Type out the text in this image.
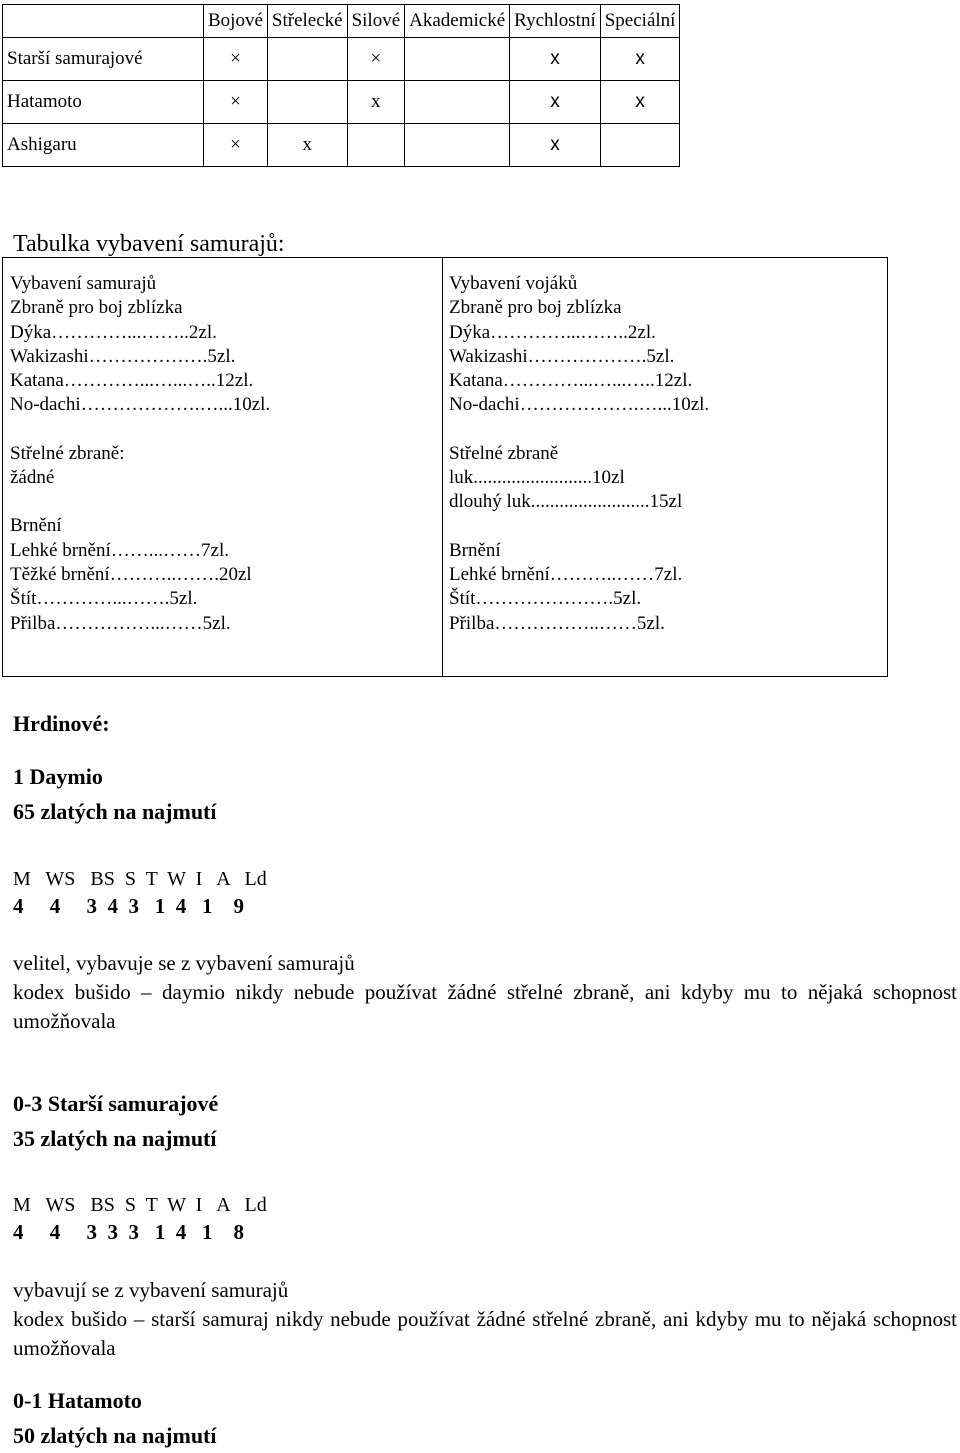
	Bojové	Střelecké	Silové	Akademické	Rychlostní	Speciální
Starší samurajové	×		×		x	x
Hatamoto	×		x		x	x
Ashigaru	×	x			x	
Tabulka vybavení samurajů:
Vybavení samurajů
Zbraně pro boj zblízka
Dýka…………...……..2zl.
Wakizashi……………….5zl.
Katana…………...…...…..12zl.
No-dachi……………….…...10zl.
Střelné zbraně:
žádné
Brnění
Lehké brnění……...……7zl.
Těžké brnění………..…….20zl
Štít…………...…….5zl.
Přilba……………...……5zl.
Vybavení vojáků
Zbraně pro boj zblízka
Dýka…………...……..2zl.
Wakizashi……………….5zl.
Katana…………...…...…..12zl.
No-dachi……………….…...10zl.
Střelné zbraně
luk.........................10zl
dlouhý luk.........................15zl
Brnění
Lehké brnění………..……7zl.
Štít………………….5zl.
Přilba……………..……5zl.
Hrdinové:
1 Daymio
65 zlatých na najmutí
M   WS   BS  S  T  W  I   A   Ld
4     4     3  4  3   1  4   1    9
velitel, vybavuje se z vybavení samurajů
kodex bušido – daymio nikdy nebude používat žádné střelné zbraně, ani kdyby mu to nějaká schopnost umožňovala
0-3 Starší samurajové
35 zlatých na najmutí
M   WS   BS  S  T  W  I   A   Ld
4     4     3  3  3   1  4   1    8
vybavují se z vybavení samurajů
kodex bušido – starší samuraj nikdy nebude používat žádné střelné zbraně, ani kdyby mu to nějaká schopnost umožňovala
0-1 Hatamoto
50 zlatých na najmutí
